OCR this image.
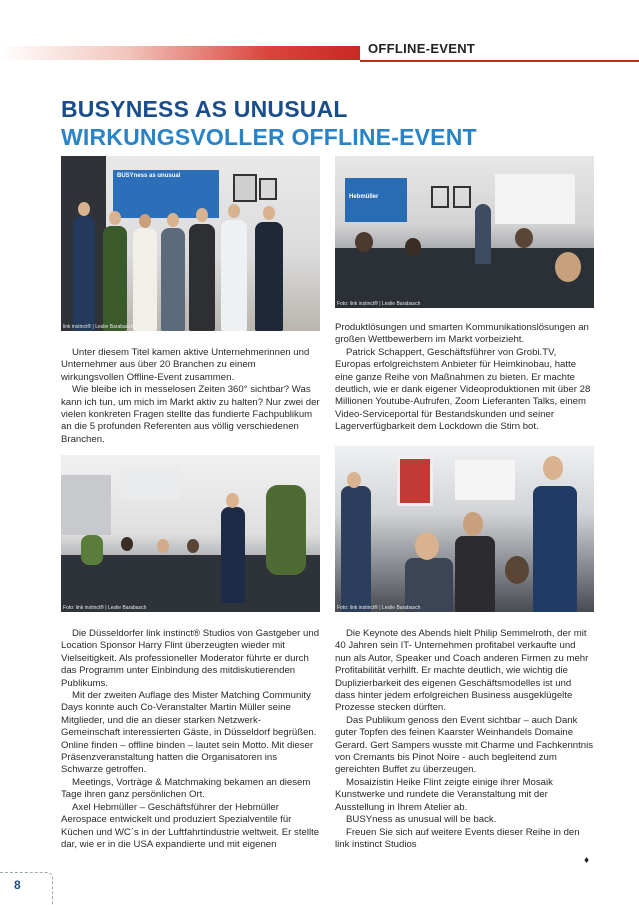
OFFLINE-EVENT
BUSYNESS AS UNUSUAL
WIRKUNGSVOLLER OFFLINE-EVENT
BUSYness as unusual
link instinct® | Leslie Barabasch
Hebmüller
Foto: link instinct® | Leslie Barabasch

Unter diesem Titel kamen aktive Unternehmerinnen und Unternehmer aus über 20 Branchen zu einem wirkungsvollen Offline-Event zusammen.

Wie bleibe ich in messelosen Zeiten 360° sichtbar? Was kann ich tun, um mich im Markt aktiv zu halten? Nur zwei der vielen konkreten Fragen stellte das fundierte Fachpublikum an die 5 profunden Referenten aus völlig verschiedenen Branchen.

Produktlösungen und smarten Kommunikationslösungen an großen Wettbewerbern im Markt vorbeizieht.

Patrick Schappert, Geschäftsführer von Grobi.TV, Europas erfolgreichstem Anbieter für Heimkinobau, hatte eine ganze Reihe von Maßnahmen zu bieten. Er machte deutlich, wie er dank eigener Videoproduktionen mit über 28 Millionen Youtube-Aufrufen, Zoom Lieferanten Talks, einem Video-Serviceportal für Bestandskunden und seiner Lagerverfügbarkeit dem Lockdown die Stirn bot.

Foto: link instinct® | Leslie Barabasch	Foto: link instinct® | Leslie Barabasch

Die Düsseldorfer link instinct® Studios von Gastgeber und Location Sponsor Harry Flint überzeugten wieder mit Vielseitigkeit. Als professioneller Moderator führte er durch das Programm unter Einbindung des mitdiskutierenden Publikums.

Mit der zweiten Auflage des Mister Matching Community Days konnte auch Co-Veranstalter Martin Müller seine Mitglieder, und die an dieser starken Netzwerk- Gemeinschaft interessierten Gäste, in Düsseldorf begrüßen. Online finden – offline binden – lautet sein Motto. Mit dieser Präsenzveranstaltung hatten die Organisatoren ins Schwarze getroffen.

Meetings, Vorträge & Matchmaking bekamen an diesem Tage ihren ganz persönlichen Ort.

Axel Hebmüller – Geschäftsführer der Hebmüller Aerospace entwickelt und produziert Spezialventile für Küchen und WC´s in der Luftfahrtindustrie weltweit. Er stellte dar, wie er in die USA expandierte und mit eigenen

Die Keynote des Abends hielt Philip Semmelroth, der mit 40 Jahren sein IT- Unternehmen profitabel verkaufte und nun als Autor, Speaker und Coach anderen Firmen zu mehr Profitabilität verhilft. Er machte deutlich, wie wichtig die Duplizierbarkeit des eigenen Geschäftsmodelles ist und dass hinter jedem erfolgreichen Business ausgeklügelte Prozesse stecken dürften.

Das Publikum genoss den Event sichtbar – auch Dank guter Topfen des feinen Kaarster Weinhandels Domaine Gerard. Gert Sampers wusste mit Charme und Fachkenntnis von Cremants bis Pinot Noire - auch begleitend zum gereichten Buffet zu überzeugen.

Mosaizistin Heike Flint zeigte einige ihrer Mosaik Kunstwerke und rundete die Veranstaltung mit der Ausstellung in Ihrem Atelier ab.

BUSYness as unusual will be back.

Freuen Sie sich auf weitere Events dieser Reihe in den link instinct Studios

♦
8
